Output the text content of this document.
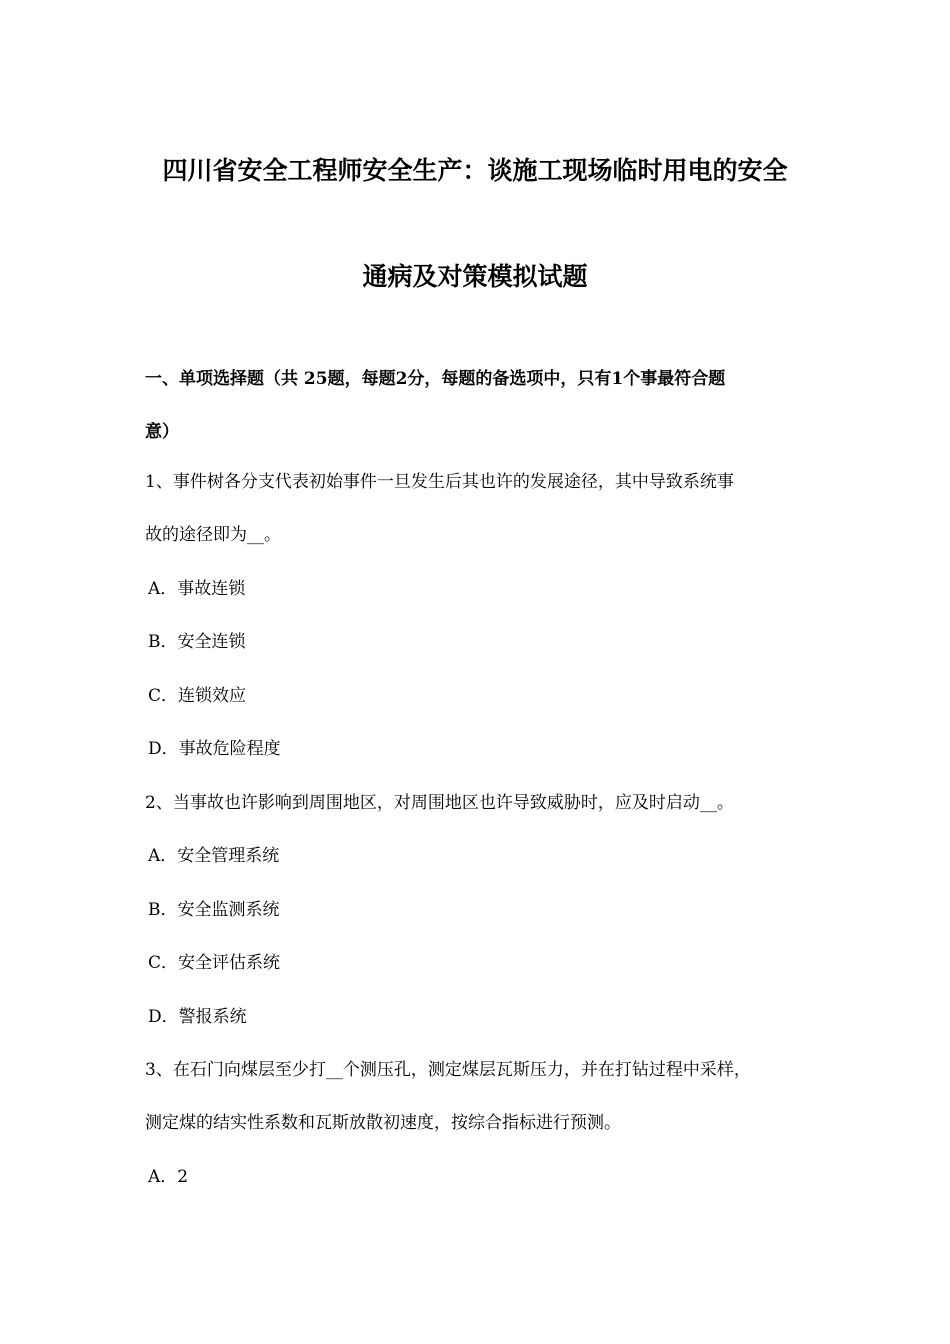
四川省安全工程师安全生产：谈施工现场临时用电的安全
通病及对策模拟试题
一、单项选择题（共 25题，每题2分，每题的备选项中，只有1个事最符合题
意）
1、事件树各分支代表初始事件一旦发生后其也许的发展途径，其中导致系统事
故的途径即为__。
A．事故连锁
B．安全连锁
C．连锁效应
D．事故危险程度
2、当事故也许影响到周围地区，对周围地区也许导致威胁时，应及时启动__。
A．安全管理系统
B．安全监测系统
C．安全评估系统
D．警报系统
3、在石门向煤层至少打__个测压孔，测定煤层瓦斯压力，并在打钻过程中采样，
测定煤的结实性系数和瓦斯放散初速度，按综合指标进行预测。
A．2
